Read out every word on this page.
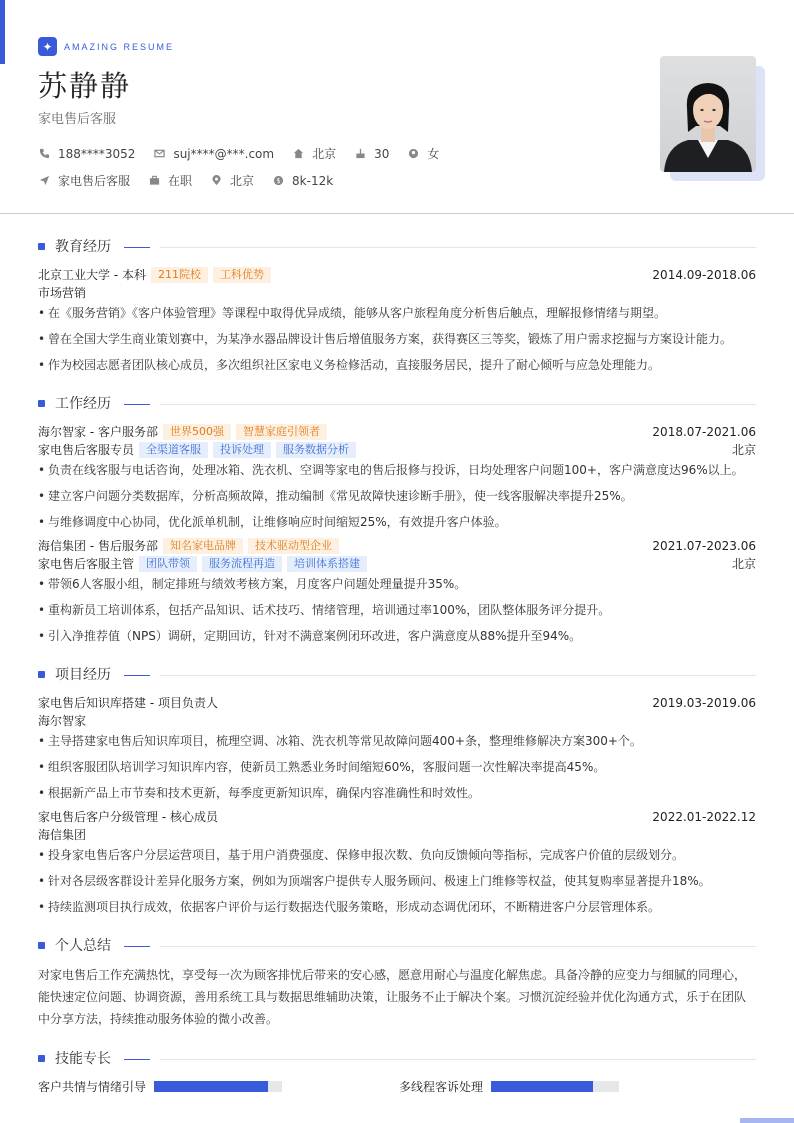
✦	AMAZING RESUME
苏静静
家电售后客服
188****3052	suj****@***.com	北京	30	女
家电售后客服	在职	北京	$ 8k-12k
教育经历
北京工业大学 - 本科 211院校 工科优势	2014.09-2018.06
市场营销
• 在《服务营销》《客户体验管理》等课程中取得优异成绩，能够从客户旅程角度分析售后触点，理解报修情绪与期望。
• 曾在全国大学生商业策划赛中，为某净水器品牌设计售后增值服务方案，获得赛区三等奖，锻炼了用户需求挖掘与方案设计能力。
• 作为校园志愿者团队核心成员，多次组织社区家电义务检修活动，直接服务居民，提升了耐心倾听与应急处理能力。
工作经历
海尔智家 - 客户服务部 世界500强 智慧家庭引领者	2018.07-2021.06
家电售后客服专员 全渠道客服 投诉处理 服务数据分析	北京
• 负责在线客服与电话咨询，处理冰箱、洗衣机、空调等家电的售后报修与投诉，日均处理客户问题100+，客户满意度达96%以上。
• 建立客户问题分类数据库，分析高频故障，推动编制《常见故障快速诊断手册》，使一线客服解决率提升25%。
• 与维修调度中心协同，优化派单机制，让维修响应时间缩短25%，有效提升客户体验。
海信集团 - 售后服务部 知名家电品牌 技术驱动型企业	2021.07-2023.06
家电售后客服主管 团队带领 服务流程再造 培训体系搭建	北京
• 带领6人客服小组，制定排班与绩效考核方案，月度客户问题处理量提升35%。
• 重构新员工培训体系，包括产品知识、话术技巧、情绪管理，培训通过率100%，团队整体服务评分提升。
• 引入净推荐值（NPS）调研，定期回访，针对不满意案例闭环改进，客户满意度从88%提升至94%。
项目经历
家电售后知识库搭建 - 项目负责人	2019.03-2019.06
海尔智家
• 主导搭建家电售后知识库项目，梳理空调、冰箱、洗衣机等常见故障问题400+条，整理维修解决方案300+个。
• 组织客服团队培训学习知识库内容，使新员工熟悉业务时间缩短60%，客服问题一次性解决率提高45%。
• 根据新产品上市节奏和技术更新，每季度更新知识库，确保内容准确性和时效性。
家电售后客户分级管理 - 核心成员	2022.01-2022.12
海信集团
• 投身家电售后客户分层运营项目，基于用户消费强度、保修申报次数、负向反馈倾向等指标，完成客户价值的层级划分。
• 针对各层级客群设计差异化服务方案，例如为顶端客户提供专人服务顾问、极速上门维修等权益，使其复购率显著提升18%。
• 持续监测项目执行成效，依据客户评价与运行数据迭代服务策略，形成动态调优闭环，不断精进客户分层管理体系。
个人总结
对家电售后工作充满热忱，享受每一次为顾客排忧后带来的安心感，愿意用耐心与温度化解焦虑。具备冷静的应变力与细腻的同理心，能快速定位问题、协调资源，善用系统工具与数据思维辅助决策，让服务不止于解决个案。习惯沉淀经验并优化沟通方式，乐于在团队中分享方法，持续推动服务体验的微小改善。
技能专长
客户共情与情绪引导	多线程客诉处理
